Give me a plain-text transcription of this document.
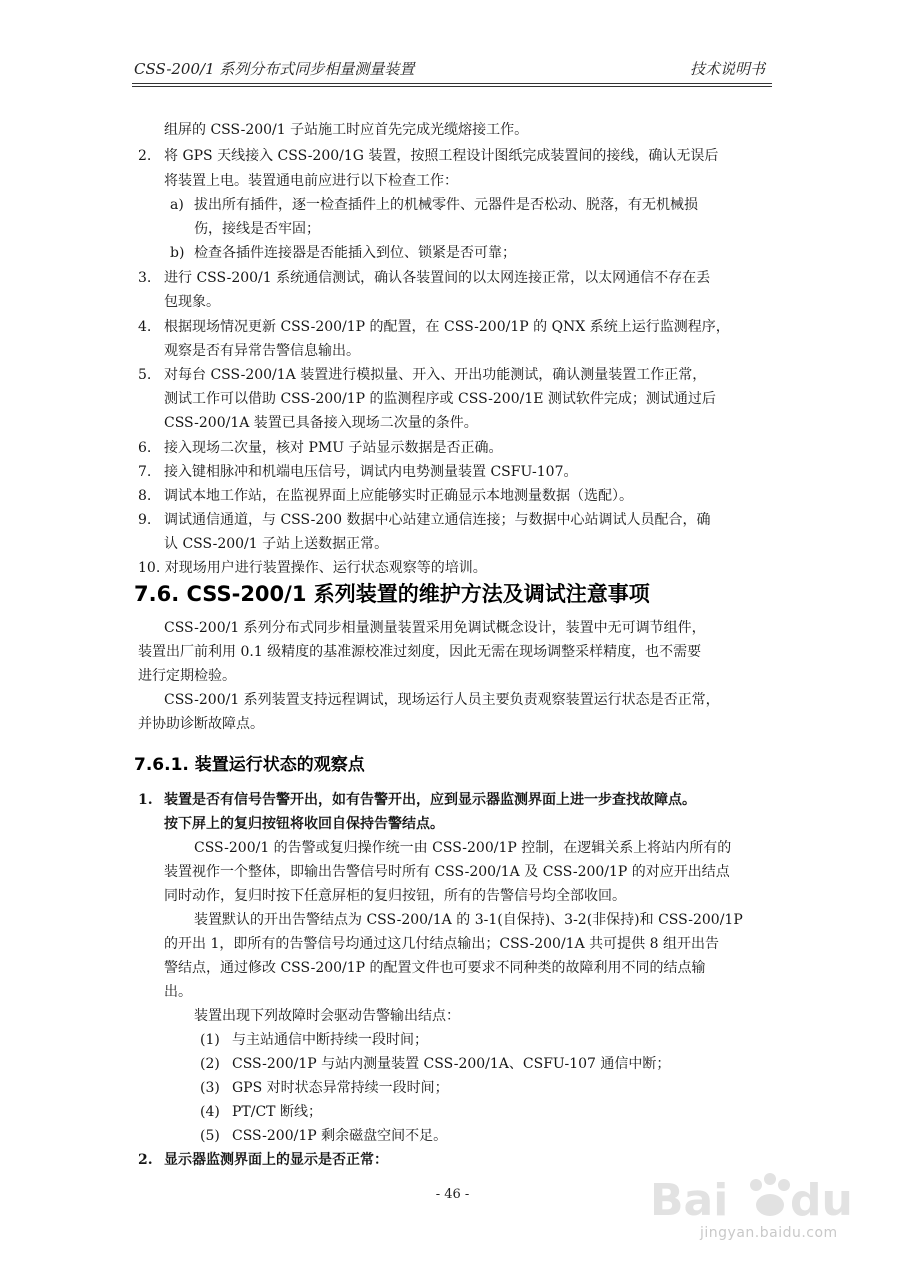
CSS-200/1 系列分布式同步相量测量装置	技术说明书
组屏的 CSS-200/1 子站施工时应首先完成光缆熔接工作。
2. 将 GPS 天线接入 CSS-200/1G 装置，按照工程设计图纸完成装置间的接线，确认无误后
将装置上电。装置通电前应进行以下检查工作：
a) 拔出所有插件，逐一检查插件上的机械零件、元器件是否松动、脱落，有无机械损
伤，接线是否牢固；
b) 检查各插件连接器是否能插入到位、锁紧是否可靠；
3. 进行 CSS-200/1 系统通信测试，确认各装置间的以太网连接正常，以太网通信不存在丢
包现象。
4. 根据现场情况更新 CSS-200/1P 的配置，在 CSS-200/1P 的 QNX 系统上运行监测程序，
观察是否有异常告警信息输出。
5. 对每台 CSS-200/1A 装置进行模拟量、开入、开出功能测试，确认测量装置工作正常，
测试工作可以借助 CSS-200/1P 的监测程序或 CSS-200/1E 测试软件完成；测试通过后
CSS-200/1A 装置已具备接入现场二次量的条件。
6. 接入现场二次量，核对 PMU 子站显示数据是否正确。
7. 接入键相脉冲和机端电压信号，调试内电势测量装置 CSFU-107。
8. 调试本地工作站，在监视界面上应能够实时正确显示本地测量数据（选配）。
9. 调试通信通道，与 CSS-200 数据中心站建立通信连接；与数据中心站调试人员配合，确
认 CSS-200/1 子站上送数据正常。
10. 对现场用户进行装置操作、运行状态观察等的培训。
7.6. CSS-200/1 系列装置的维护方法及调试注意事项
CSS-200/1 系列分布式同步相量测量装置采用免调试概念设计，装置中无可调节组件，
装置出厂前利用 0.1 级精度的基准源校准过刻度，因此无需在现场调整采样精度，也不需要
进行定期检验。
CSS-200/1 系列装置支持远程调试，现场运行人员主要负责观察装置运行状态是否正常，
并协助诊断故障点。
7.6.1. 装置运行状态的观察点
1. 装置是否有信号告警开出，如有告警开出，应到显示器监测界面上进一步查找故障点。
按下屏上的复归按钮将收回自保持告警结点。
CSS-200/1 的告警或复归操作统一由 CSS-200/1P 控制，在逻辑关系上将站内所有的
装置视作一个整体，即输出告警信号时所有 CSS-200/1A 及 CSS-200/1P 的对应开出结点
同时动作，复归时按下任意屏柜的复归按钮，所有的告警信号均全部收回。
装置默认的开出告警结点为 CSS-200/1A 的 3-1(自保持)、3-2(非保持)和 CSS-200/1P
的开出 1，即所有的告警信号均通过这几付结点输出；CSS-200/1A 共可提供 8 组开出告
警结点，通过修改 CSS-200/1P 的配置文件也可要求不同种类的故障利用不同的结点输
出。
装置出现下列故障时会驱动告警输出结点：
(1) 与主站通信中断持续一段时间；
(2) CSS-200/1P 与站内测量装置 CSS-200/1A、CSFU-107 通信中断；
(3) GPS 对时状态异常持续一段时间；
(4) PT/CT 断线；
(5) CSS-200/1P 剩余磁盘空间不足。
2. 显示器监测界面上的显示是否正常：
- 46 -	Bai du
jingyan.baidu.com
